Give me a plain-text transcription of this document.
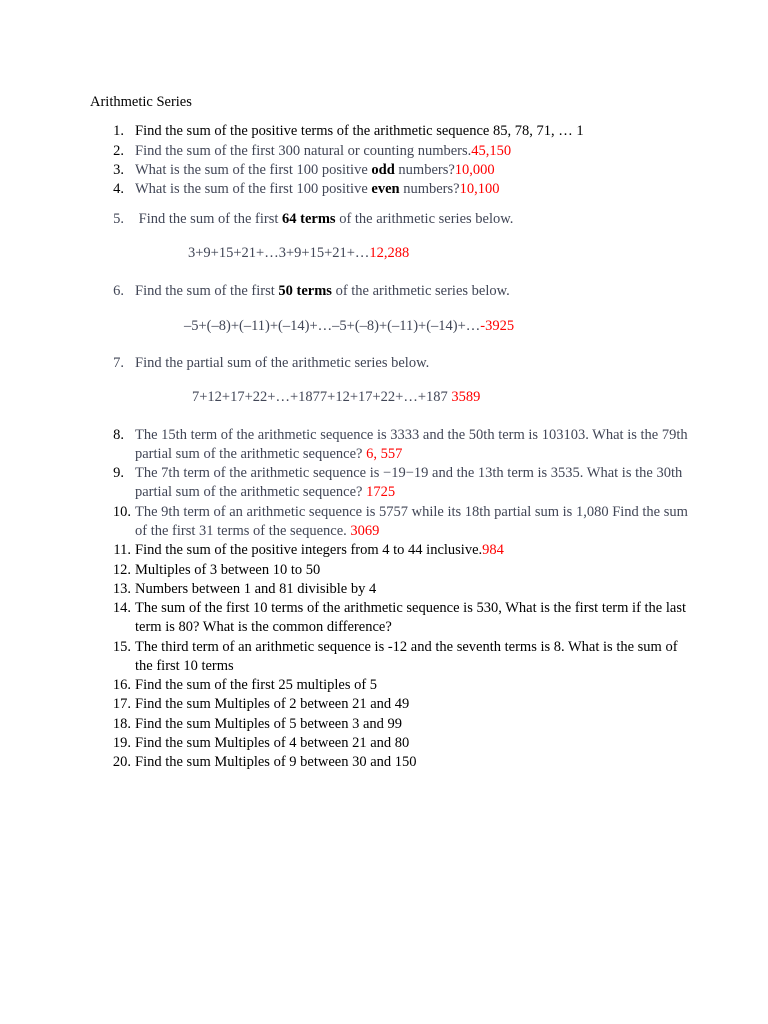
Arithmetic Series
1. Find the sum of the positive terms of the arithmetic sequence 85, 78, 71, … 1
2. Find the sum of the first 300 natural or counting numbers.45,150
3. What is the sum of the first 100 positive odd numbers?10,000
4. What is the sum of the first 100 positive even numbers?10,100
5. Find the sum of the first 64 terms of the arithmetic series below.
3+9+15+21+…3+9+15+21+…12,288
6. Find the sum of the first 50 terms of the arithmetic series below.
–5+(–8)+(–11)+(–14)+…–5+(–8)+(–11)+(–14)+…-3925
7. Find the partial sum of the arithmetic series below.
7+12+17+22+…+1877+12+17+22+…+187 3589
8. The 15th term of the arithmetic sequence is 3333 and the 50th term is 103103. What is the 79th partial sum of the arithmetic sequence? 6, 557
9. The 7th term of the arithmetic sequence is −19−19 and the 13th term is 3535. What is the 30th partial sum of the arithmetic sequence? 1725
10. The 9th term of an arithmetic sequence is 5757 while its 18th partial sum is 1,080 Find the sum of the first 31 terms of the sequence. 3069
11. Find the sum of the positive integers from 4 to 44 inclusive.984
12. Multiples of 3 between 10 to 50
13. Numbers between 1 and 81 divisible by 4
14. The sum of the first 10 terms of the arithmetic sequence is 530, What is the first term if the last term is 80? What is the common difference?
15. The third term of an arithmetic sequence is -12 and the seventh terms is 8. What is the sum of the first 10 terms
16. Find the sum of the first 25 multiples of 5
17. Find the sum Multiples of 2 between 21 and 49
18. Find the sum Multiples of 5 between 3 and 99
19. Find the sum Multiples of 4 between 21 and 80
20. Find the sum Multiples of 9 between 30 and 150
